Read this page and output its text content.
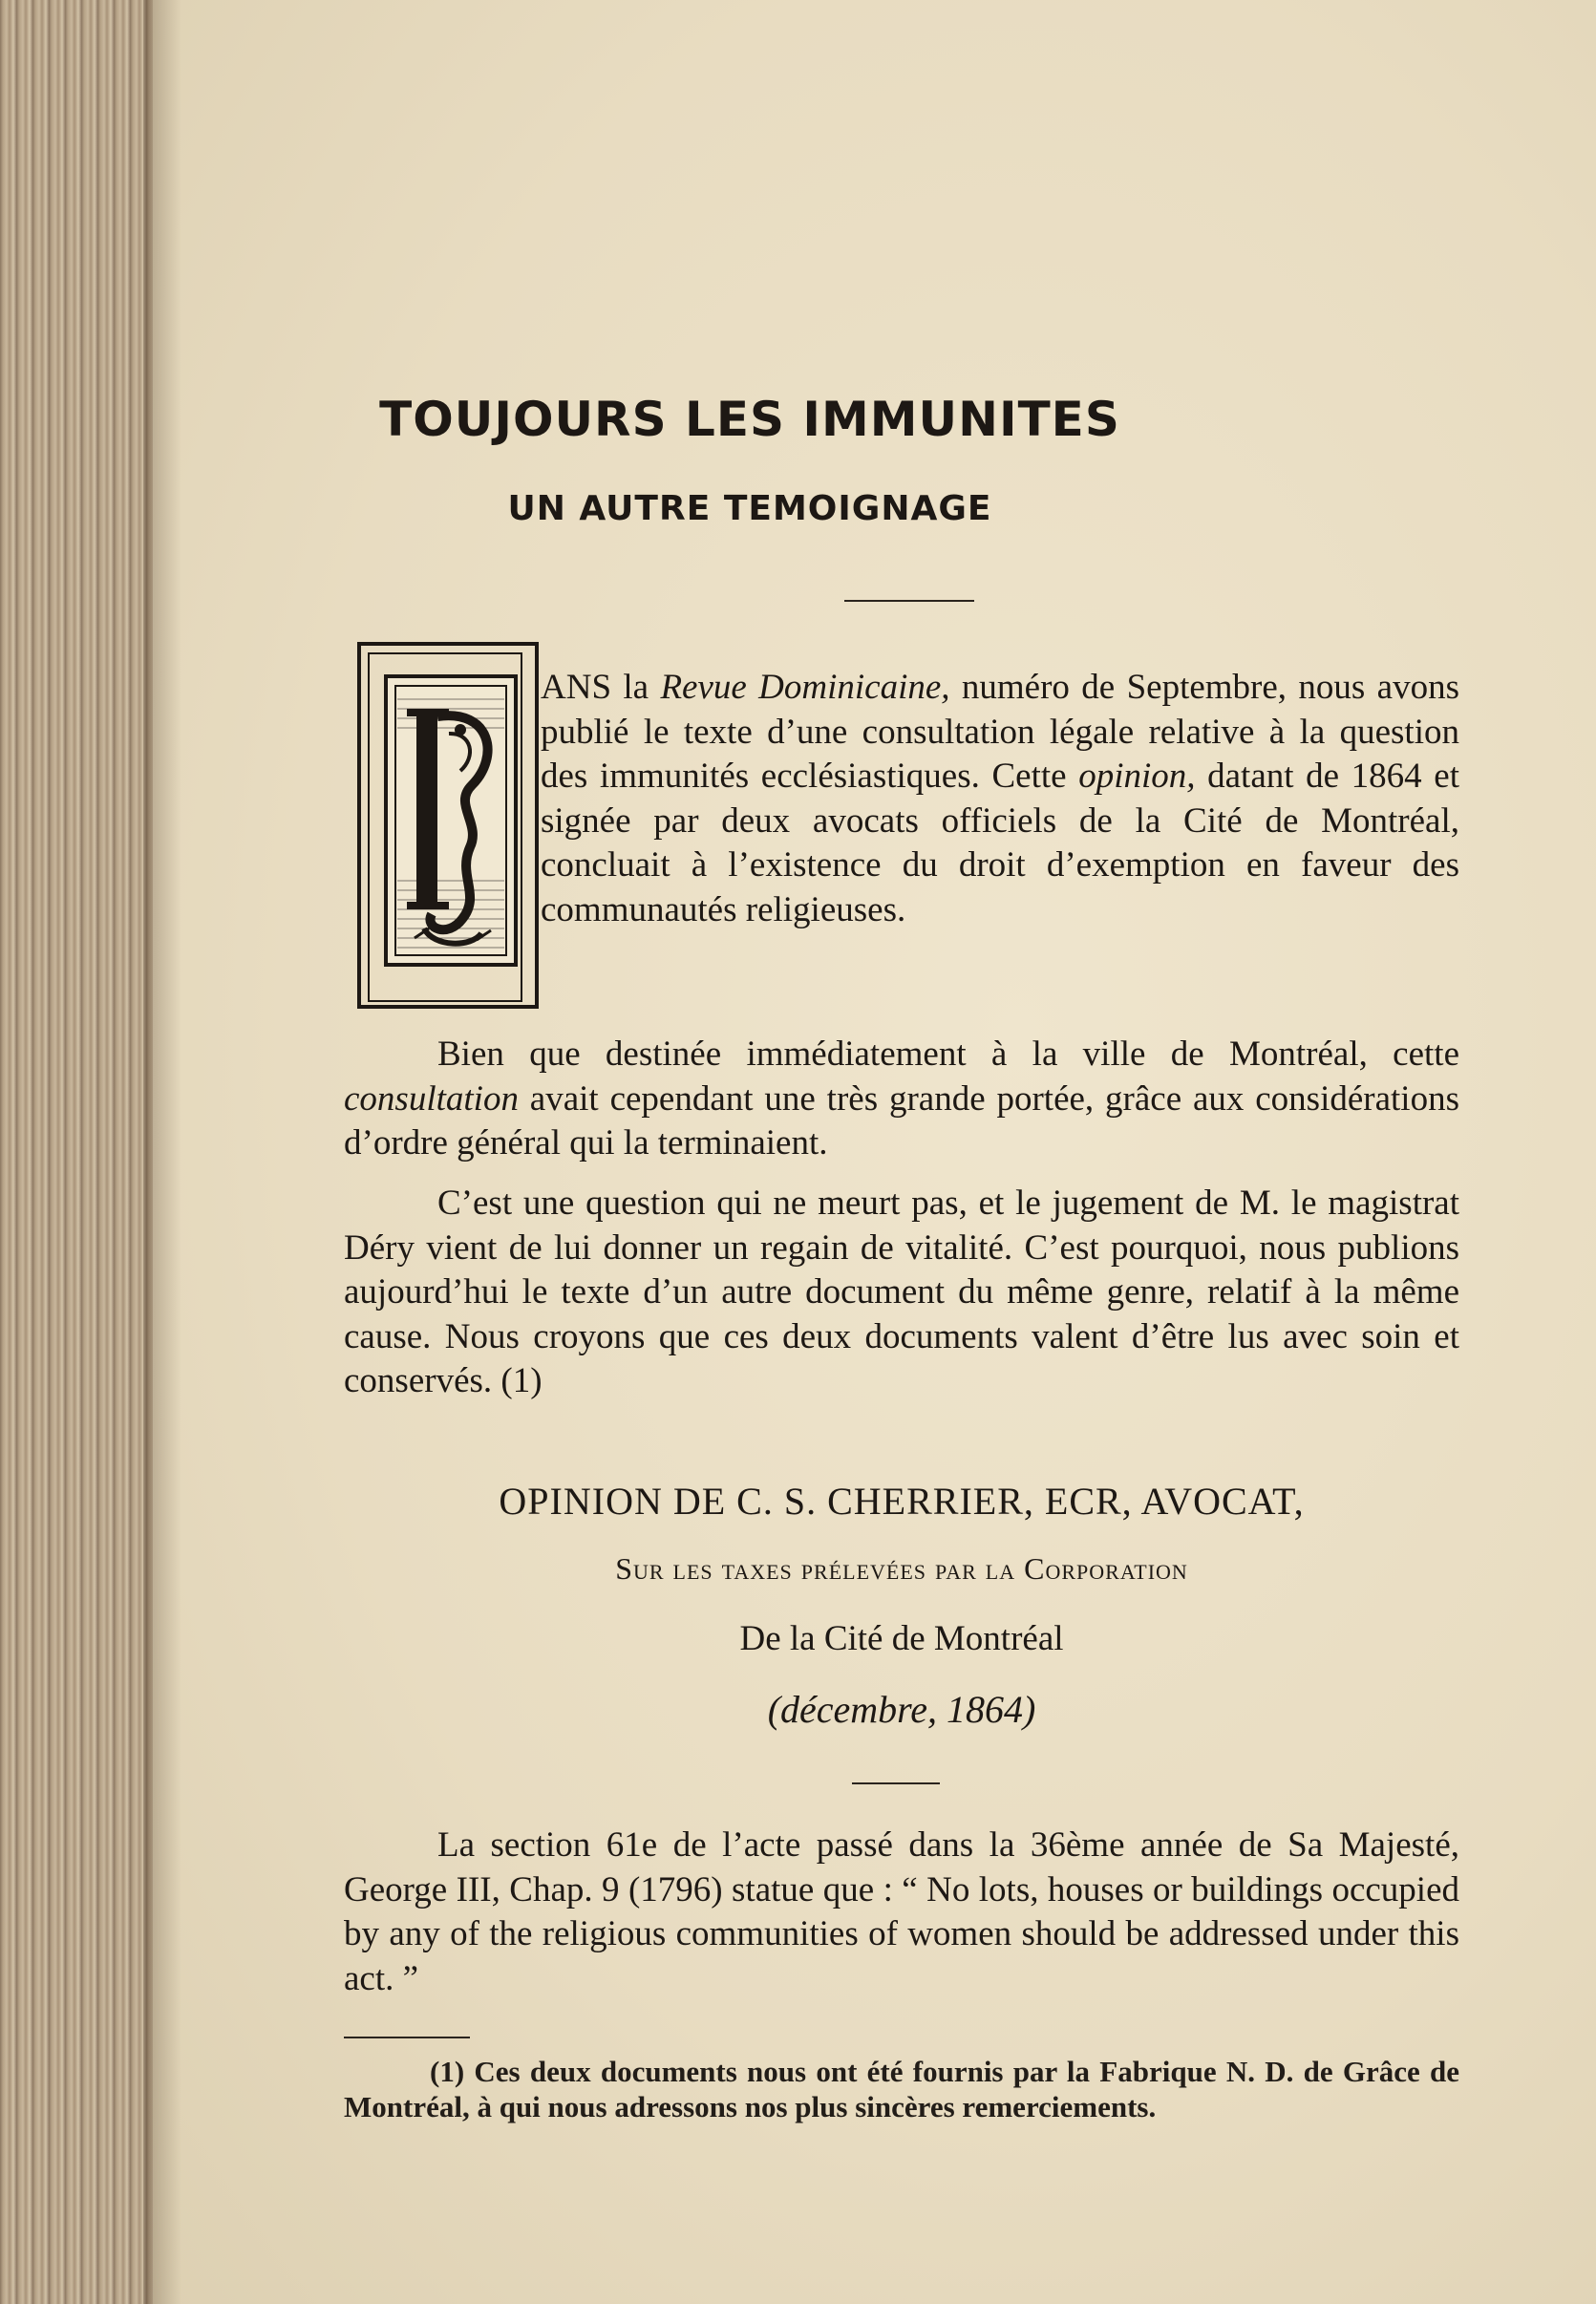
TOUJOURS LES IMMUNITES
UN AUTRE TEMOIGNAGE

ANS la Revue Dominicaine, numéro de Septembre, nous avons publié le texte d’une consultation légale relative à la question des immunités ecclésiastiques. Cette opinion, datant de 1864 et signée par deux avocats officiels de la Cité de Montréal, concluait à l’existence du droit d’exemption en faveur des communautés religieuses.

Bien que destinée immédiatement à la ville de Montréal, cette consultation avait cependant une très grande portée, grâce aux considérations d’ordre général qui la terminaient.

C’est une question qui ne meurt pas, et le jugement de M. le magistrat Déry vient de lui donner un regain de vitalité. C’est pourquoi, nous publions aujourd’hui le texte d’un autre document du même genre, relatif à la même cause. Nous croyons que ces deux documents valent d’être lus avec soin et conservés. (1)

OPINION DE C. S. CHERRIER, ECR, AVOCAT,

Sur les taxes prélevées par la Corporation

De la Cité de Montréal

(décembre, 1864)

La section 61e de l’acte passé dans la 36ème année de Sa Majesté, George III, Chap. 9 (1796) statue que : “ No lots, houses or buildings occupied by any of the religious communities of women should be addressed under this act. ”

(1) Ces deux documents nous ont été fournis par la Fabrique N. D. de Grâce de Montréal, à qui nous adressons nos plus sincères remerciements.
